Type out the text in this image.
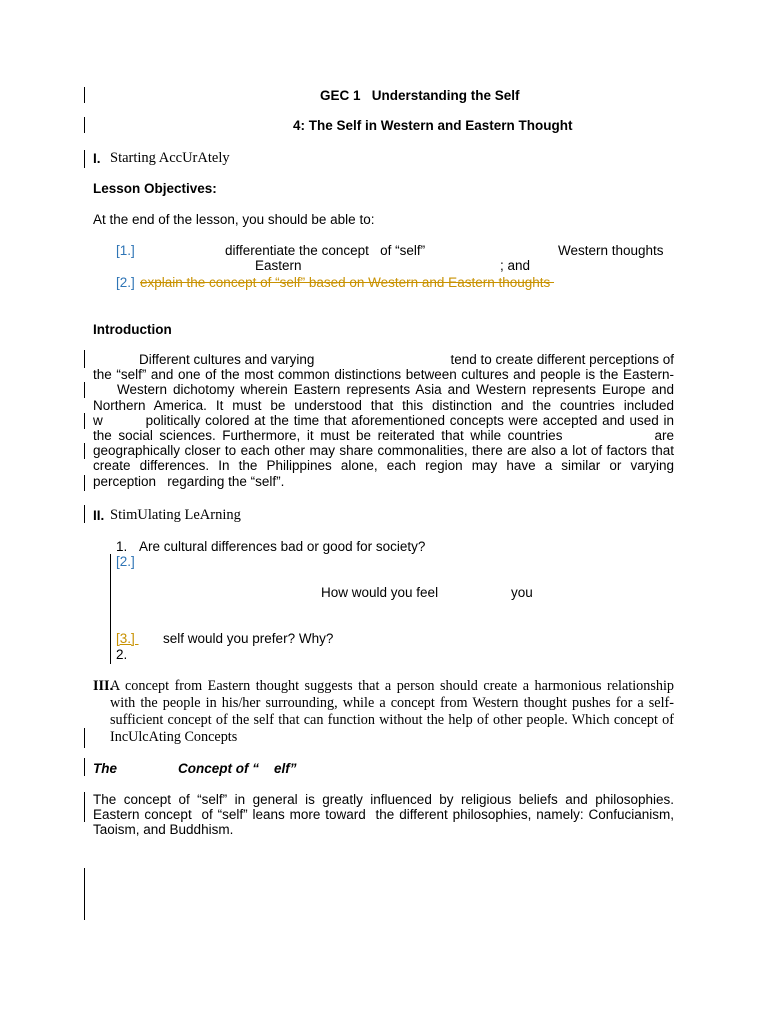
GEC 1   Understanding the Self
4: The Self in Western and Eastern Thought
I. Starting AccUrAtely
Lesson Objectives:
At the end of the lesson, you should be able to:
[1.]	differentiate the concept   of “self”	Western thoughts
Eastern	; and
[2.] explain the concept of “self” based on Western and Eastern thoughts
Introduction
Different cultures and varying                                    tend to create different perceptions of the “self” and one of the most common distinctions between cultures and people is the Eastern-    Western dichotomy wherein Eastern represents Asia and Western represents Europe and Northern America. It must be understood that this distinction and the countries included w         politically colored at the time that aforementioned concepts were accepted and used in the social sciences. Furthermore, it must be reiterated that while countries              are geographically closer to each other may share commonalities, there are also a lot of factors that create differences. In the Philippines alone, each region may have a similar or varying perception   regarding the “self”.
II. StimUlating LeArning
1. Are cultural differences bad or good for society?
[2.]
How would you feel	you
[3.] self would you prefer? Why?
2.
III.
A concept from Eastern thought suggests that a person should create a harmonious relationship with the people in his/her surrounding, while a concept from Western thought pushes for a self-sufficient concept of the self that can function without the help of other people. Which concept of IncUlcAting Concepts
The	Concept of “    elf”
The concept of “self” in general is greatly influenced by religious beliefs and philosophies. Eastern concept  of “self” leans more toward  the different philosophies, namely: Confucianism, Taoism, and Buddhism.
